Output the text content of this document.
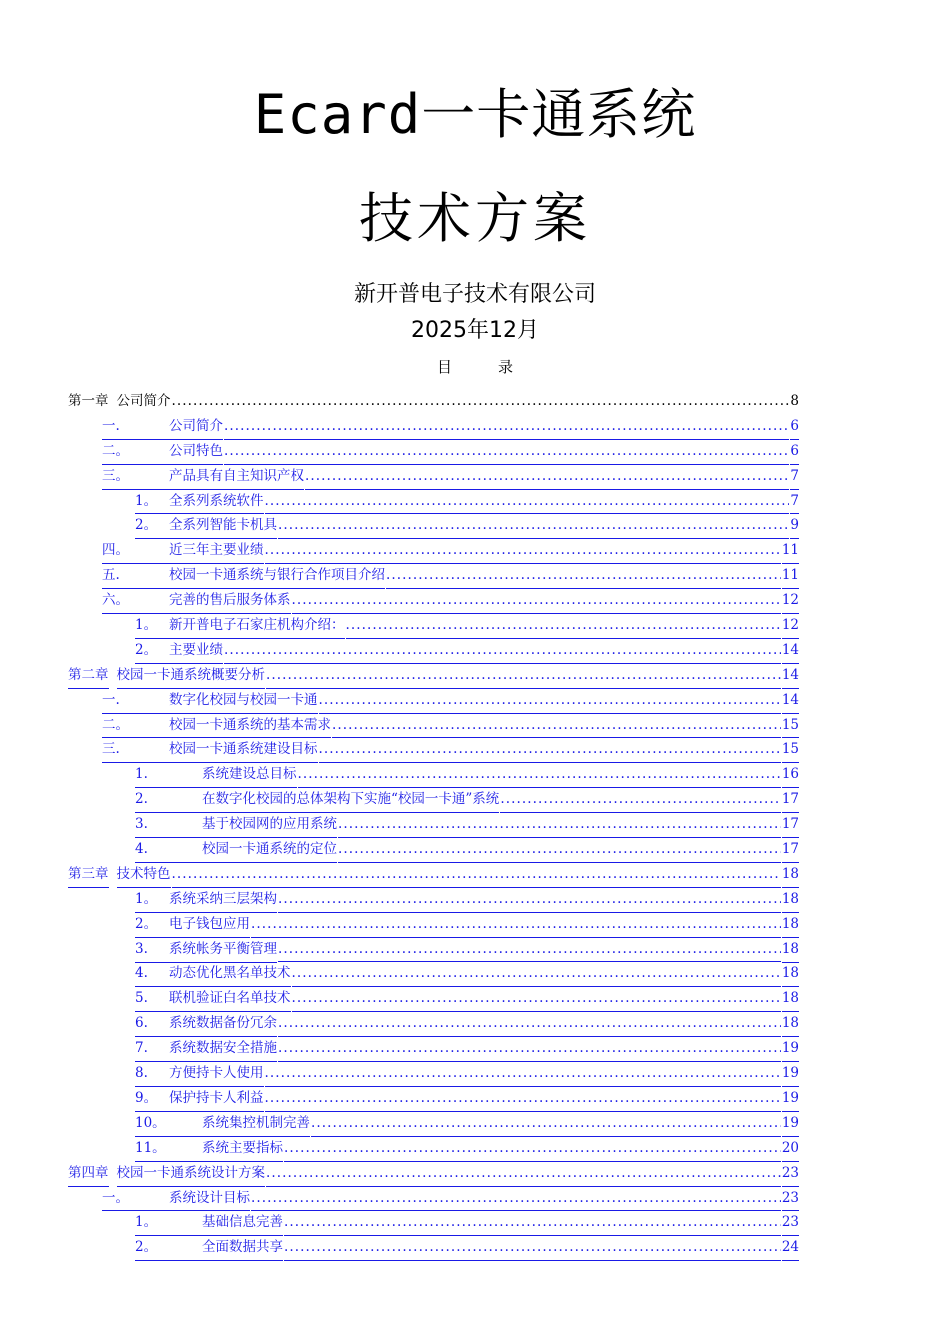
Ecard一卡通系统
技术方案
新开普电子技术有限公司
2025年12月
目	录
第一章 公司简介 . . .	8
一.	公司简介 . . .	6
二。	公司特色 . . .	6
三。	产品具有自主知识产权 . . .	7
1。 全系列系统软件 . . .	7
2。 全系列智能卡机具 . . .	9
四。	近三年主要业绩 . . .	11
五.	校园一卡通系统与银行合作项目介绍 . . .	11
六。	完善的售后服务体系 . . .	12
1。 新开普电子石家庄机构介绍： . . .	12
2。 主要业绩 . . .	14
第二章 校园一卡通系统概要分析 . . .	14
一.	数字化校园与校园一卡通 . . .	14
二。	校园一卡通系统的基本需求 . . .	15
三.	校园一卡通系统建设目标 . . .	15
1.	系统建设总目标 . . .	16
2.	在数字化校园的总体架构下实施“校园一卡通”系统 . . .	17
3.	基于校园网的应用系统 . . .	17
4.	校园一卡通系统的定位 . . .	17
第三章 技术特色 . . .	18
1。 系统采纳三层架构 . . .	18
2。 电子钱包应用 . . .	18
3.	系统帐务平衡管理 . . .	18
4.	动态优化黑名单技术 . . .	18
5.	联机验证白名单技术 . . .	18
6.	系统数据备份冗余 . . .	18
7.	系统数据安全措施 . . .	19
8.	方便持卡人使用 . . .	19
9。 保护持卡人利益 . . .	19
10。	系统集控机制完善 . . .	19
11。	系统主要指标 . . .	20
第四章 校园一卡通系统设计方案 . . .	23
一。	系统设计目标 . . .	23
1。	基础信息完善 . . .	23
2。	全面数据共享 . . .	24
